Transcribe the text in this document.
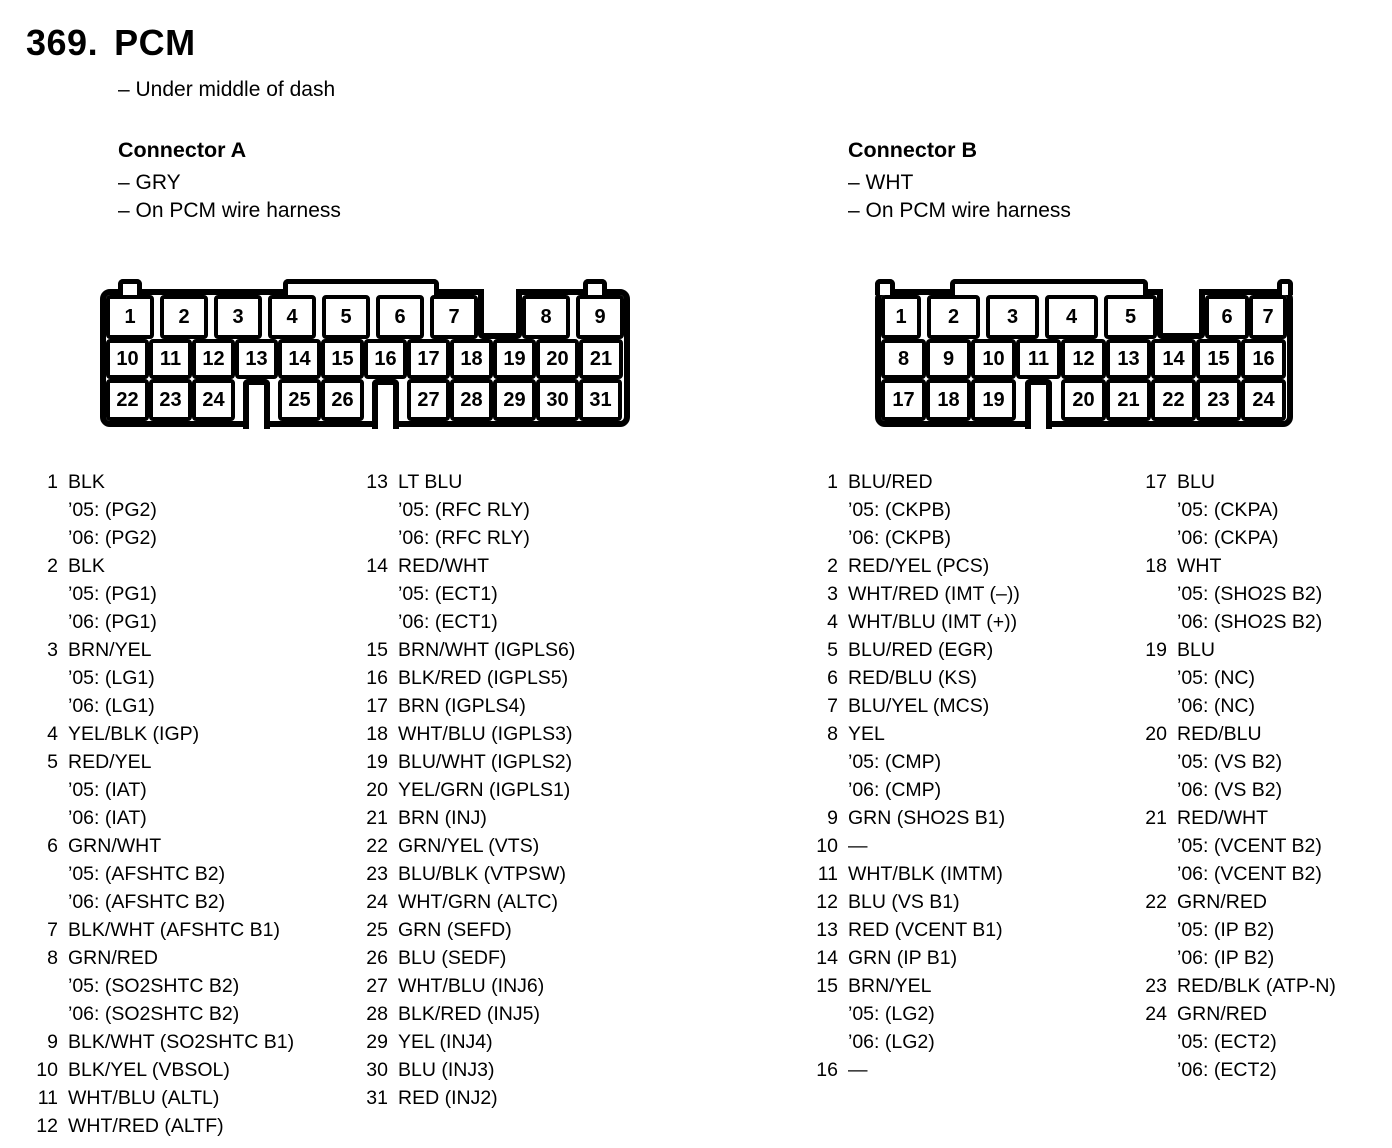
369. PCM
– Under middle of dash
Connector A
– GRY
– On PCM wire harness
1	2	3	4	5	6	7	8	9
10	11	12	13	14	15	16	17	18	19	20	21
22	23	24	25	26	27	28	29	30	31
1 BLK
’05: (PG2)
’06: (PG2)
2 BLK
’05: (PG1)
’06: (PG1)
3 BRN/YEL
’05: (LG1)
’06: (LG1)
4 YEL/BLK (IGP)
5 RED/YEL
’05: (IAT)
’06: (IAT)
6 GRN/WHT
’05: (AFSHTC B2)
’06: (AFSHTC B2)
7 BLK/WHT (AFSHTC B1)
8 GRN/RED
’05: (SO2SHTC B2)
’06: (SO2SHTC B2)
9 BLK/WHT (SO2SHTC B1)
10 BLK/YEL (VBSOL)
11 WHT/BLU (ALTL)
12 WHT/RED (ALTF)
13 LT BLU
’05: (RFC RLY)
’06: (RFC RLY)
14 RED/WHT
’05: (ECT1)
’06: (ECT1)
15 BRN/WHT (IGPLS6)
16 BLK/RED (IGPLS5)
17 BRN (IGPLS4)
18 WHT/BLU (IGPLS3)
19 BLU/WHT (IGPLS2)
20 YEL/GRN (IGPLS1)
21 BRN (INJ)
22 GRN/YEL (VTS)
23 BLU/BLK (VTPSW)
24 WHT/GRN (ALTC)
25 GRN (SEFD)
26 BLU (SEDF)
27 WHT/BLU (INJ6)
28 BLK/RED (INJ5)
29 YEL (INJ4)
30 BLU (INJ3)
31 RED (INJ2)
Connector B
– WHT
– On PCM wire harness
1	2	3	4	5	6	7
8	9	10	11	12	13	14	15	16
17	18	19	20	21	22	23	24
1 BLU/RED
’05: (CKPB)
’06: (CKPB)
2 RED/YEL (PCS)
3 WHT/RED (IMT (–))
4 WHT/BLU (IMT (+))
5 BLU/RED (EGR)
6 RED/BLU (KS)
7 BLU/YEL (MCS)
8 YEL
’05: (CMP)
’06: (CMP)
9 GRN (SHO2S B1)
10 —
11 WHT/BLK (IMTM)
12 BLU (VS B1)
13 RED (VCENT B1)
14 GRN (IP B1)
15 BRN/YEL
’05: (LG2)
’06: (LG2)
16 —
17 BLU
’05: (CKPA)
’06: (CKPA)
18 WHT
’05: (SHO2S B2)
’06: (SHO2S B2)
19 BLU
’05: (NC)
’06: (NC)
20 RED/BLU
’05: (VS B2)
’06: (VS B2)
21 RED/WHT
’05: (VCENT B2)
’06: (VCENT B2)
22 GRN/RED
’05: (IP B2)
’06: (IP B2)
23 RED/BLK (ATP-N)
24 GRN/RED
’05: (ECT2)
’06: (ECT2)
